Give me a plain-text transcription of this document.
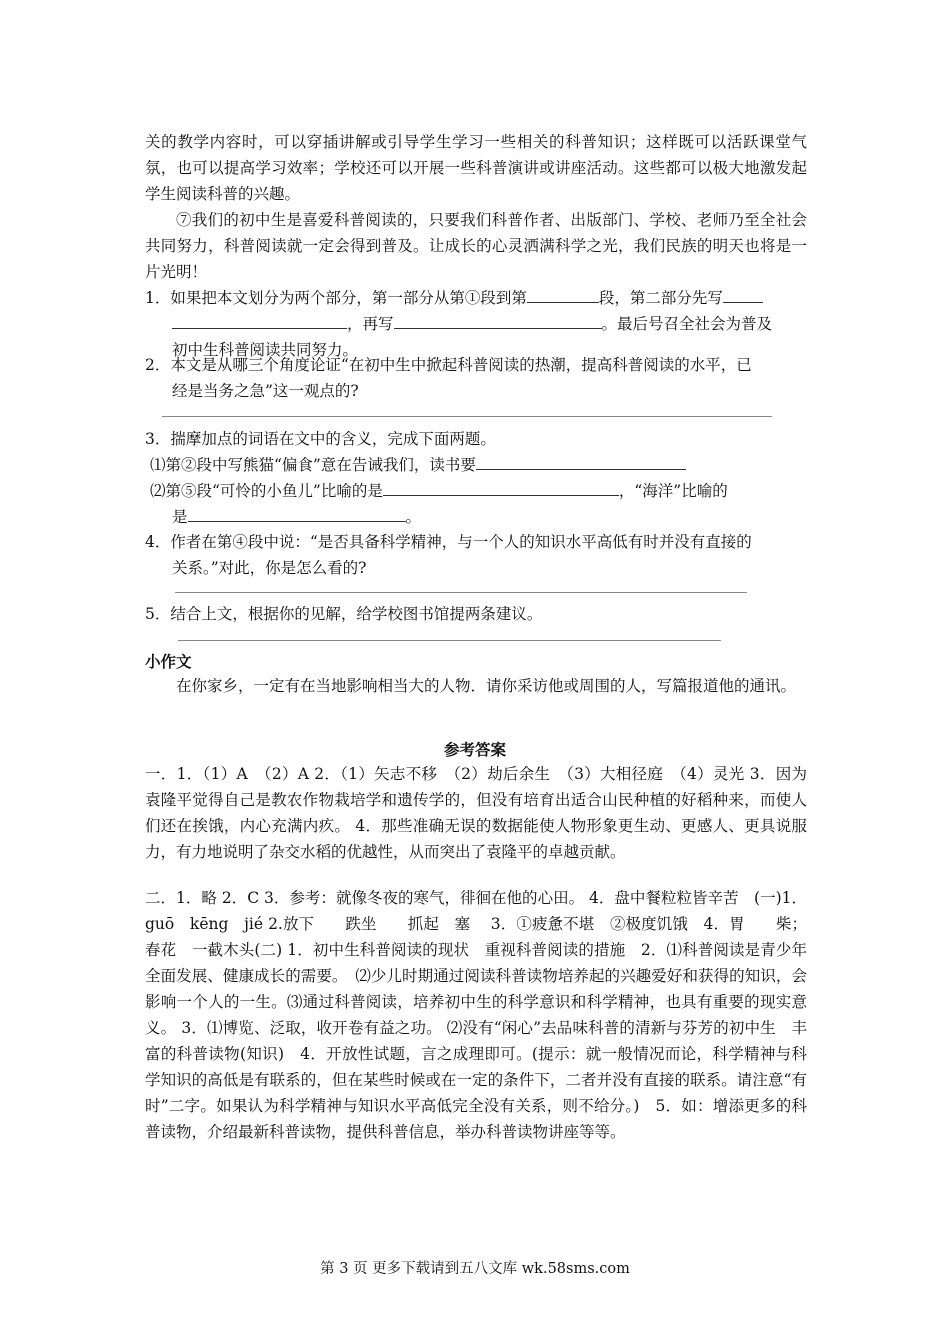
关的教学内容时，可以穿插讲解或引导学生学习一些相关的科普知识；这样既可以活跃课堂气氛，也可以提高学习效率；学校还可以开展一些科普演讲或讲座活动。这些都可以极大地激发起学生阅读科普的兴趣。

⑦我们的初中生是喜爱科普阅读的，只要我们科普作者、出版部门、学校、老师乃至全社会共同努力，科普阅读就一定会得到普及。让成长的心灵洒满科学之光，我们民族的明天也将是一片光明！

1．如果把本文划分为两个部分，第一部分从第①段到第	段，第二部分先写
，再写	。最后号召全社会为普及
初中生科普阅读共同努力。
2．本文是从哪三个角度论证“在初中生中掀起科普阅读的热潮，提高科普阅读的水平，已
经是当务之急”这一观点的?

3．揣摩加点的词语在文中的含义，完成下面两题。

⑴第②段中写熊猫“偏食”意在告诫我们，读书要
⑵第⑤段“可怜的小鱼儿”比喻的是	，“海洋”比喻的
是	。
4．作者在第④段中说：“是否具备科学精神，与一个人的知识水平高低有时并没有直接的
关系。”对此，你是怎么看的?

5．结合上文，根据你的见解，给学校图书馆提两条建议。

小作文

在你家乡，一定有在当地影响相当大的人物．请你采访他或周围的人，写篇报道他的通讯。

参考答案

一．1．（1）A　（2）A 2．（1）矢志不移　（2）劫后余生　（3）大相径庭　（4）灵光 3．因为袁隆平觉得自己是教农作物栽培学和遗传学的，但没有培育出适合山民种植的好稻种来，而使人们还在挨饿，内心充满内疚。 4．那些准确无误的数据能使人物形象更生动、更感人、更具说服力，有力地说明了杂交水稻的优越性，从而突出了袁隆平的卓越贡献。

二．1．略 2．C 3．参考：就像冬夜的寒气，徘徊在他的心田。 4．盘中餐粒粒皆辛苦　(一)1．guō　kēng　jié 2.放下　　跌坐　　抓起　塞　 3．①疲惫不堪　②极度饥饿　4．胃　　柴；春花　一截木头(二) 1．初中生科普阅读的现状　重视科普阅读的措施　2．⑴科普阅读是青少年全面发展、健康成长的需要。　⑵少儿时期通过阅读科普读物培养起的兴趣爱好和获得的知识，会影响一个人的一生。⑶通过科普阅读，培养初中生的科学意识和科学精神，也具有重要的现实意义。 3．⑴博览、泛取，收开卷有益之功。 ⑵没有“闲心”去品味科普的清新与芬芳的初中生　丰富的科普读物(知识)　4．开放性试题，言之成理即可。(提示：就一般情况而论，科学精神与科学知识的高低是有联系的，但在某些时候或在一定的条件下，二者并没有直接的联系。请注意“有时”二字。如果认为科学精神与知识水平高低完全没有关系，则不给分。)　5．如：增添更多的科普读物，介绍最新科普读物，提供科普信息，举办科普读物讲座等等。

第 3 页 更多下载请到五八文库 wk.58sms.com
